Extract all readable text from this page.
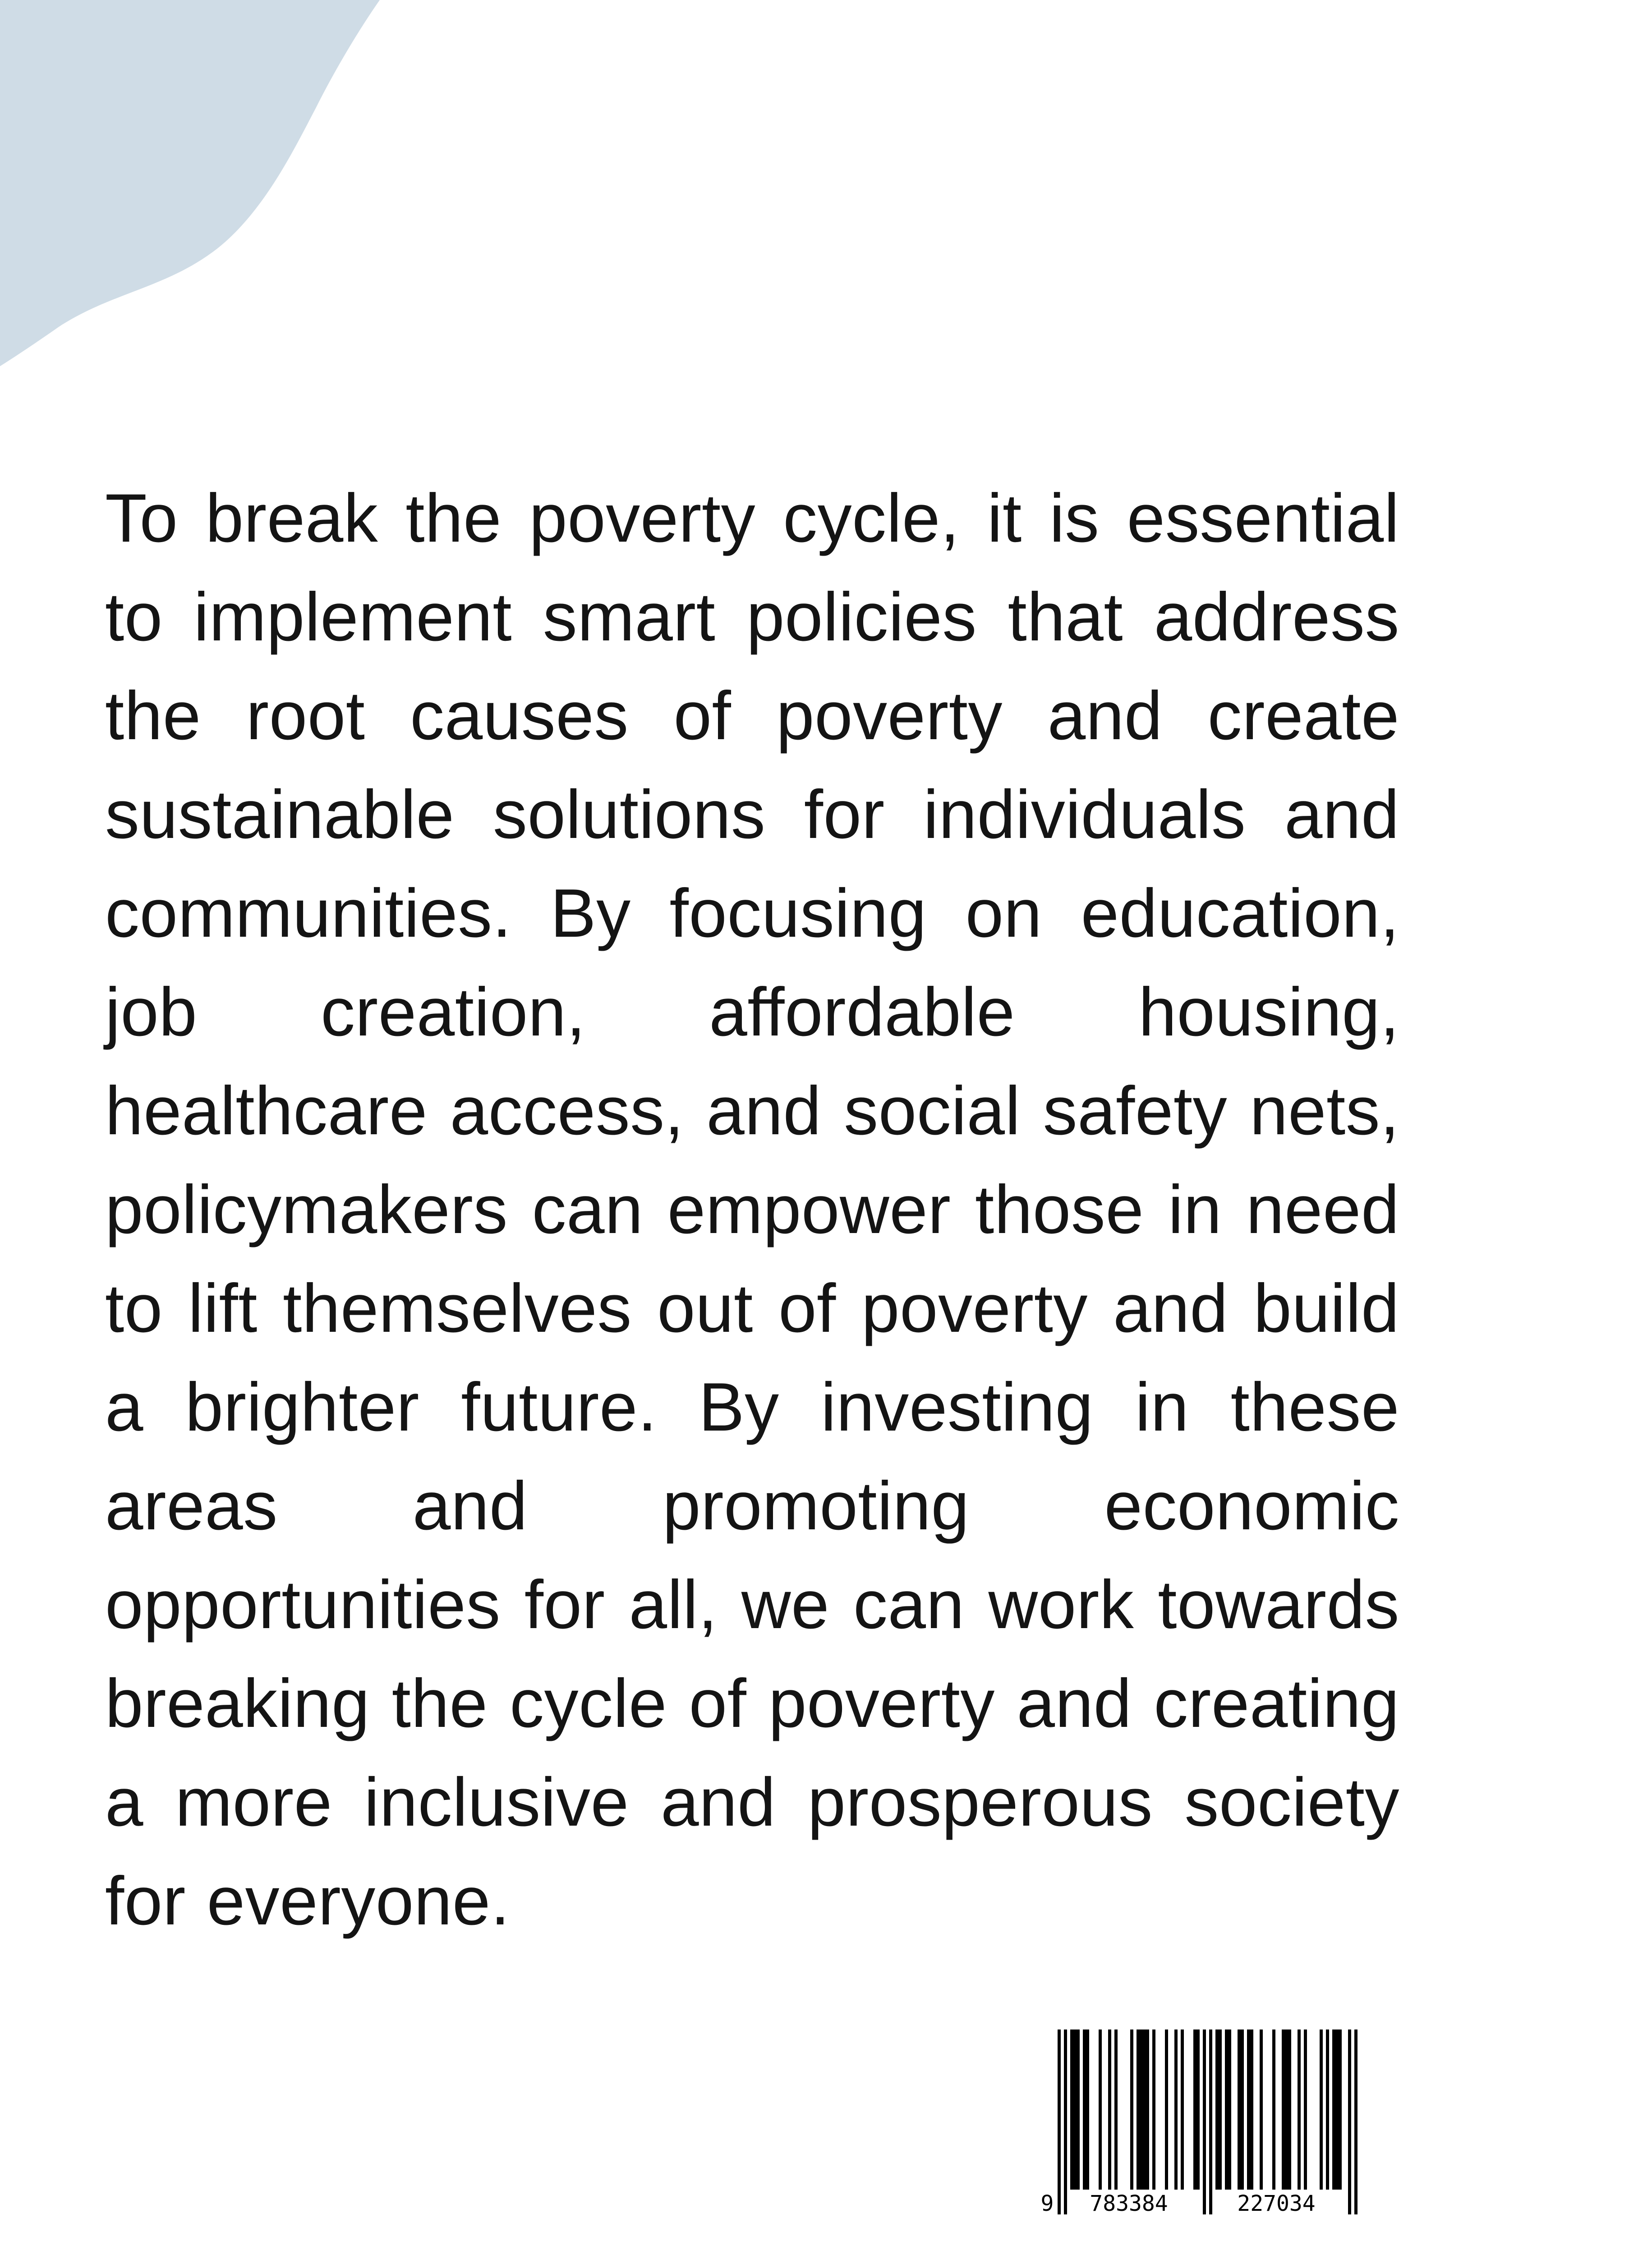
To break the poverty cycle, it is essential to implement smart policies that address the root causes of poverty and create sustainable solutions for individuals and communities. By focusing on education, job creation, affordable housing, healthcare access, and social safety nets, policymakers can empower those in need to lift themselves out of poverty and build a brighter future. By investing in these areas and promoting economic opportunities for all, we can work towards breaking the cycle of poverty and creating a more inclusive and prosperous society for everyone.

9 783384	227034
